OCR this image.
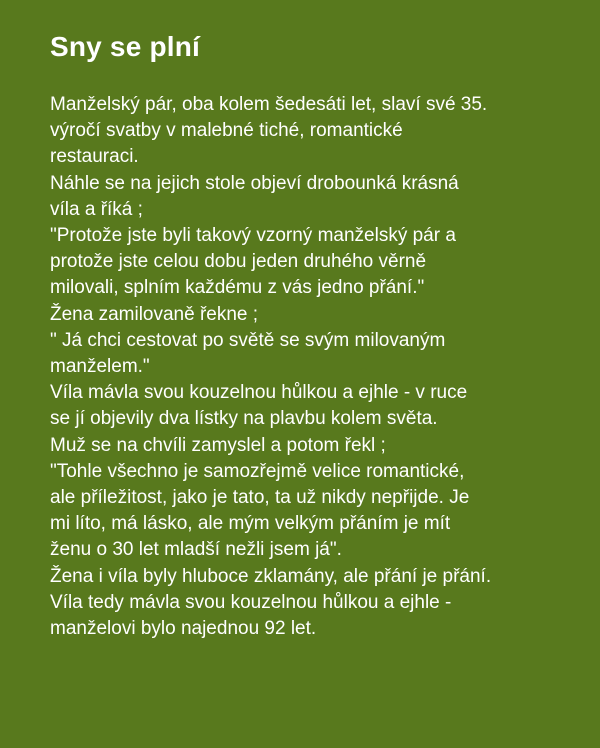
Sny se plní
Manželský pár, oba kolem šedesáti let, slaví své 35.
výročí svatby v malebné tiché, romantické
restauraci.
Náhle se na jejich stole objeví drobounká krásná
víla a říká ;
"Protože jste byli takový vzorný manželský pár a
protože jste celou dobu jeden druhého věrně
milovali, splním každému z vás jedno přání."
Žena zamilovaně řekne ;
" Já chci cestovat po světě se svým milovaným
manželem."
Víla mávla svou kouzelnou hůlkou a ejhle - v ruce
se jí objevily dva lístky na plavbu kolem světa.
Muž se na chvíli zamyslel a potom řekl ;
"Tohle všechno je samozřejmě velice romantické,
ale příležitost, jako je tato, ta už nikdy nepřijde. Je
mi líto, má lásko, ale mým velkým přáním je mít
ženu o 30 let mladší nežli jsem já".
Žena i víla byly hluboce zklamány, ale přání je přání.
Víla tedy mávla svou kouzelnou hůlkou a ejhle -
manželovi bylo najednou 92 let.
